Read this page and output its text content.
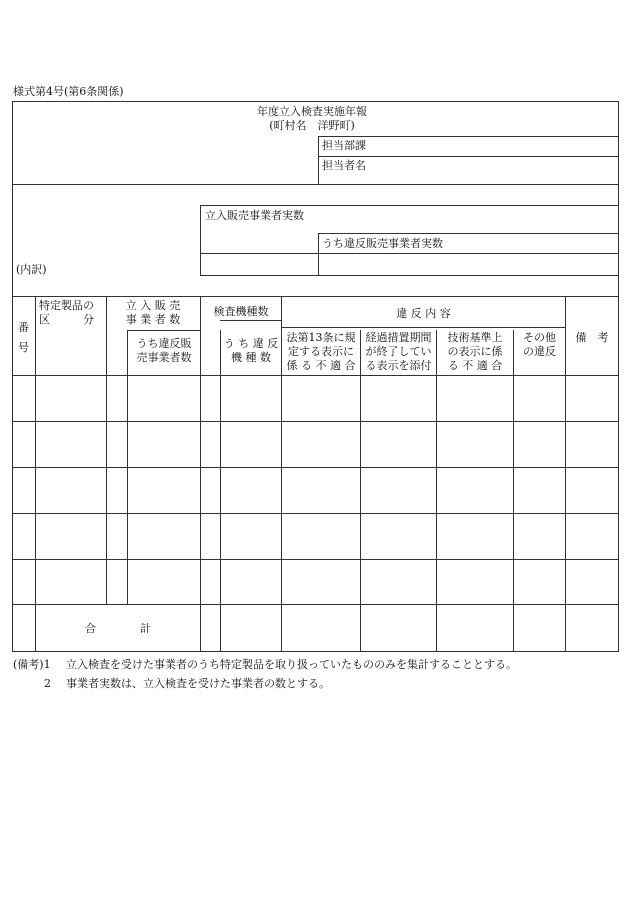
様式第4号(第6条関係)
年度立入検査実施年報
(町村名　洋野町)
担当部課
担当者名
立入販売事業者実数
うち違反販売事業者実数
(内訳)
番
号
特定製品の
区　　　分
立 入 販 売
事 業 者 数
うち違反販
売事業者数
検査機種数
う ち 違 反
機 種 数
違 反 内 容
法第13条に規
定する表示に
係 る 不 適 合
経過措置期間
が終了してい
る表示を添付
技術基準上
の表示に係
る 不 適 合
その他
の違反
備　考
合　　　　計
(備考)1 立入検査を受けた事業者のうち特定製品を取り扱っていたもののみを集計することとする。
2 事業者実数は、立入検査を受けた事業者の数とする。
